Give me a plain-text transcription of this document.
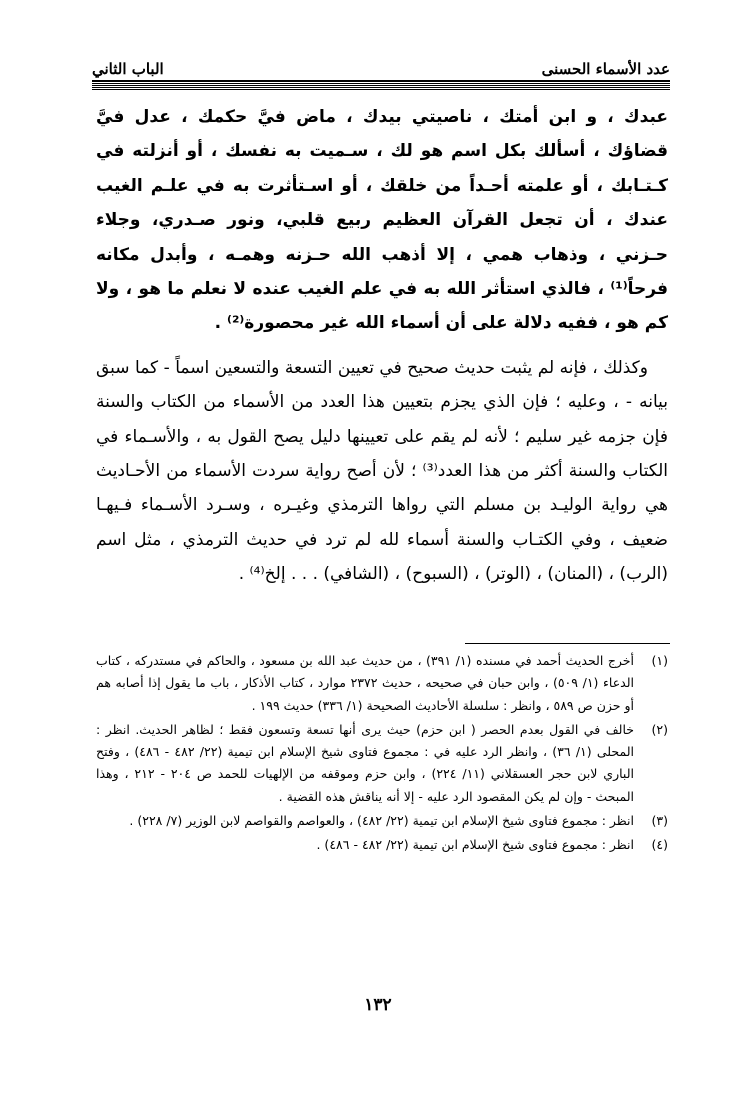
عدد الأسماء الحسنى
الباب الثاني

عبدك ، و ابن أمتك ، ناصيتي بيدك ، ماض فيَّ حكمك ، عدل فيَّ قضاؤك ، أسألك بكل اسم هو لك ، سـميت به نفسك ، أو أنزلته في كـتـابك ، أو علمته أحـداً من خلقك ، أو اسـتأثرت به في علـم الغيب عندك ، أن تجعل القرآن العظيم ربيع قلبي، ونور صـدري، وجلاء حـزني ، وذهاب همي ، إلا أذهب الله حـزنه وهمـه ، وأبدل مكانه فرحاً⁽¹⁾ ، فالذي استأثر الله به في علم الغيب عنده لا نعلم ما هو ، ولا كم هو ، ففيه دلالة على أن أسماء الله غير محصورة⁽²⁾ .

وكذلك ، فإنه لم يثبت حديث صحيح في تعيين التسعة والتسعين اسماً - كما سبق بيانه - ، وعليه ؛ فإن الذي يجزم بتعيين هذا العدد من الأسماء من الكتاب والسنة فإن جزمه غير سليم ؛ لأنه لم يقم على تعيينها دليل يصح القول به ، والأسـماء في الكتاب والسنة أكثر من هذا العدد⁽³⁾ ؛ لأن أصح رواية سردت الأسماء من الأحـاديث هي رواية الوليـد بن مسلم التي رواها الترمذي وغيـره ، وسـرد الأسـماء فـيهـا ضعيف ، وفي الكتـاب والسنة أسماء لله لم ترد في حديث الترمذي ، مثل اسم (الرب) ، (المنان) ، (الوتر) ، (السبوح) ، (الشافي) . . . إلخ⁽⁴⁾ .

(١)
أخرج الحديث أحمد في مسنده (١/ ٣٩١) ، من حديث عبد الله بن مسعود ، والحاكم في مستدركه ، كتاب الدعاء (١/ ٥٠٩) ، وابن حبان في صحيحه ، حديث ٢٣٧٢ موارد ، كتاب الأذكار ، باب ما يقول إذا أصابه هم أو حزن ص ٥٨٩ ، وانظر : سلسلة الأحاديث الصحيحة (١/ ٣٣٦) حديث ١٩٩ .
(٢)
خالف في القول بعدم الحصر ( ابن حزم) حيث يرى أنها تسعة وتسعون فقط ؛ لظاهر الحديث. انظر : المحلى (١/ ٣٦) ، وانظر الرد عليه في : مجموع فتاوى شيخ الإسلام ابن تيمية (٢٢/ ٤٨٢ - ٤٨٦) ، وفتح الباري لابن حجر العسقلاني (١١/ ٢٢٤) ، وابن حزم وموقفه من الإلهيات للحمد ص ٢٠٤ - ٢١٢ ، وهذا المبحث - وإن لم يكن المقصود الرد عليه - إلا أنه يناقش هذه القضية .
(٣)
انظر : مجموع فتاوى شيخ الإسلام ابن تيمية (٢٢/ ٤٨٢) ، والعواصم والقواصم لابن الوزير (٧/ ٢٢٨) .
(٤)
انظر : مجموع فتاوى شيخ الإسلام ابن تيمية (٢٢/ ٤٨٢ - ٤٨٦) .
١٣٢
